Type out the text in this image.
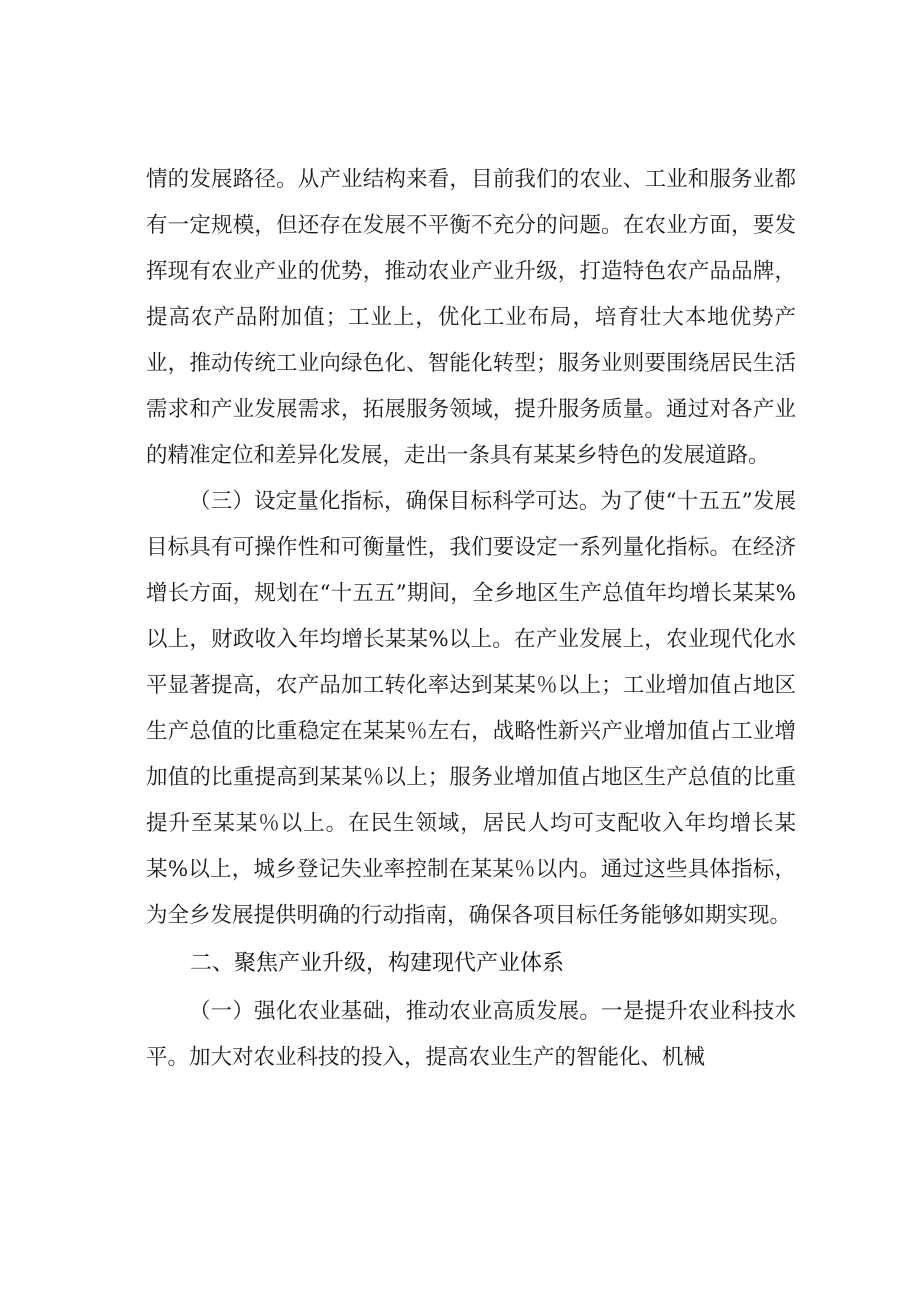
情的发展路径。从产业结构来看，目前我们的农业、工业和服务业都有一定规模，但还存在发展不平衡不充分的问题。在农业方面，要发挥现有农业产业的优势，推动农业产业升级，打造特色农产品品牌，提高农产品附加值；工业上，优化工业布局，培育壮大本地优势产业，推动传统工业向绿色化、智能化转型；服务业则要围绕居民生活需求和产业发展需求，拓展服务领域，提升服务质量。通过对各产业的精准定位和差异化发展，走出一条具有某某乡特色的发展道路。

（三）设定量化指标，确保目标科学可达。为了使“十五五”发展目标具有可操作性和可衡量性，我们要设定一系列量化指标。在经济增长方面，规划在“十五五”期间，全乡地区生产总值年均增长某某%以上，财政收入年均增长某某%以上。在产业发展上，农业现代化水平显著提高，农产品加工转化率达到某某％以上；工业增加值占地区生产总值的比重稳定在某某％左右，战略性新兴产业增加值占工业增加值的比重提高到某某％以上；服务业增加值占地区生产总值的比重提升至某某％以上。在民生领域，居民人均可支配收入年均增长某某%以上，城乡登记失业率控制在某某％以内。通过这些具体指标，为全乡发展提供明确的行动指南，确保各项目标任务能够如期实现。

二、聚焦产业升级，构建现代产业体系

（一）强化农业基础，推动农业高质发展。一是提升农业科技水平。加大对农业科技的投入，提高农业生产的智能化、机械
